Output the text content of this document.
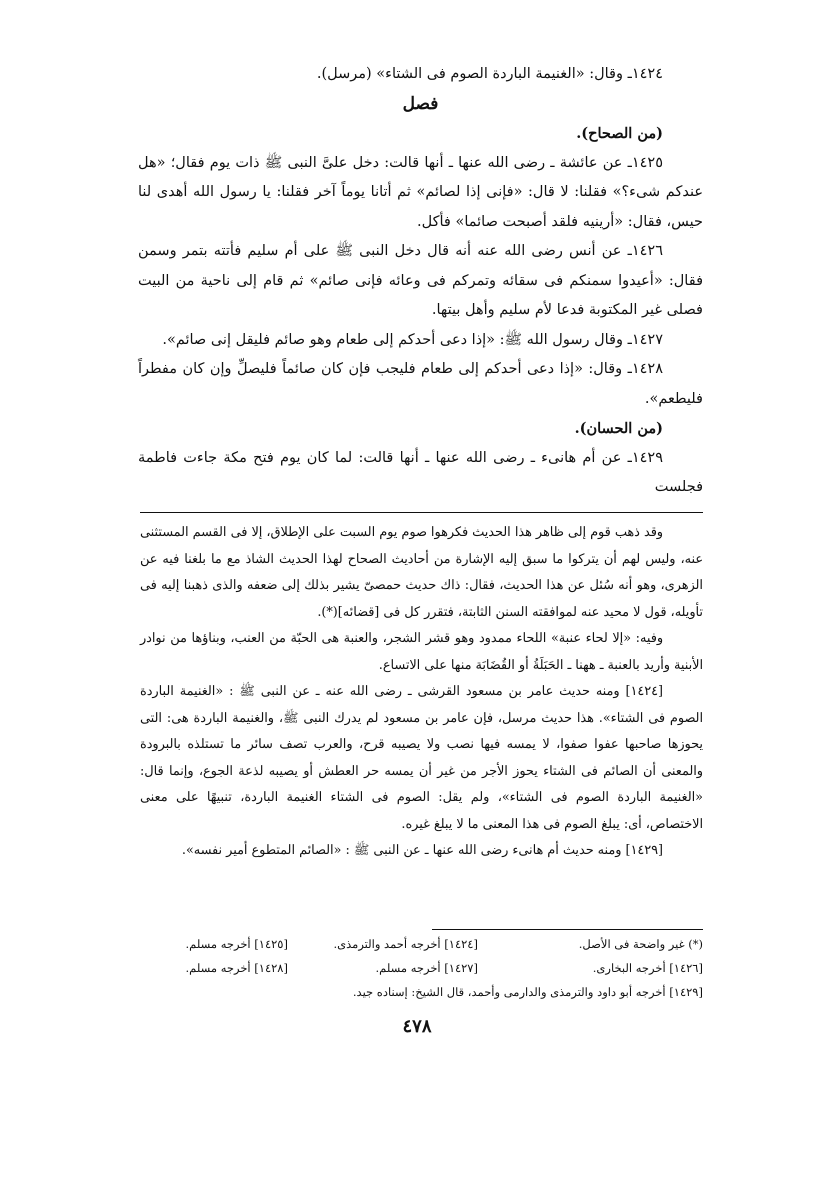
١٤٢٤ـ وقال: «الغنيمة الباردة الصوم فى الشتاء» (مرسل).

فصل

(من الصحاح).

١٤٢٥ـ عن عائشة ـ رضى الله عنها ـ أنها قالت: دخل علىَّ النبى ﷺ ذات يوم فقال؛ «هل عندكم شىء؟» فقلنا: لا قال: «فإنى إذا لصائم» ثم أتانا يوماً آخر فقلنا: يا رسول الله أهدى لنا حيس، فقال: «أرينيه فلقد أصبحت صائما» فأكل.

١٤٢٦ـ عن أنس رضى الله عنه أنه قال دخل النبى ﷺ على أم سليم فأتته بتمر وسمن فقال: «أعيدوا سمنكم فى سقائه وتمركم فى وعائه فإنى صائم» ثم قام إلى ناحية من البيت فصلى غير المكتوبة فدعا لأم سليم وأهل بيتها.

١٤٢٧ـ وقال رسول الله ﷺ: «إذا دعى أحدكم إلى طعام وهو صائم فليقل إنى صائم».

١٤٢٨ـ وقال: «إذا دعى أحدكم إلى طعام فليجب فإن كان صائماً فليصلِّ وإن كان مفطراً فليطعم».

(من الحسان).

١٤٢٩ـ عن أم هانىء ـ رضى الله عنها ـ أنها قالت: لما كان يوم فتح مكة جاءت فاطمة فجلست

وقد ذهب قوم إلى ظاهر هذا الحديث فكرهوا صوم يوم السبت على الإطلاق، إلا فى القسم المستثنى عنه، وليس لهم أن يتركوا ما سبق إليه الإشارة من أحاديث الصحاح لهذا الحديث الشاذ مع ما بلغنا فيه عن الزهرى، وهو أنه سُئل عن هذا الحديث، فقال: ذاك حديث حمصىّ يشير بذلك إلى ضعفه والذى ذهبنا إليه فى تأويله، قول لا محيد عنه لموافقته السنن الثابتة، فتقرر كل فى [قضائه](*).

وفيه: «إلا لحاء عنبة» اللحاء ممدود وهو قشر الشجر، والعنبة هى الحبّة من العنب، وبناؤها من نوادر الأبنية وأريد بالعنبة ـ ههنا ـ الحَبَلَةُ أو القُضَابَة منها على الاتساع.

[١٤٢٤] ومنه حديث عامر بن مسعود القرشى ـ رضى الله عنه ـ عن النبى ﷺ : «الغنيمة الباردة الصوم فى الشتاء». هذا حديث مرسل، فإن عامر بن مسعود لم يدرك النبى ﷺ، والغنيمة الباردة هى: التى يحوزها صاحبها عفوا صفوا، لا يمسه فيها نصب ولا يصيبه قرح، والعرب تصف سائر ما تستلذه بالبرودة والمعنى أن الصائم فى الشتاء يحوز الأجر من غير أن يمسه حر العطش أو يصيبه لذعة الجوع، وإنما قال: «الغنيمة الباردة الصوم فى الشتاء»، ولم يقل: الصوم فى الشتاء الغنيمة الباردة، تنبيهًا على معنى الاختصاص، أى: يبلغ الصوم فى هذا المعنى ما لا يبلغ غيره.

[١٤٢٩] ومنه حديث أم هانىء رضى الله عنها ـ عن النبى ﷺ : «الصائم المتطوع أمير نفسه».

(*) غير واضحة فى الأصل.
[١٤٢٤] أخرجه أحمد والترمذى.
[١٤٢٥] أخرجه مسلم.
[١٤٢٦] أخرجه البخارى.
[١٤٢٧] أخرجه مسلم.
[١٤٢٨] أخرجه مسلم.
[١٤٢٩] أخرجه أبو داود والترمذى والدارمى وأحمد، قال الشيخ: إسناده جيد.
٤٧٨
